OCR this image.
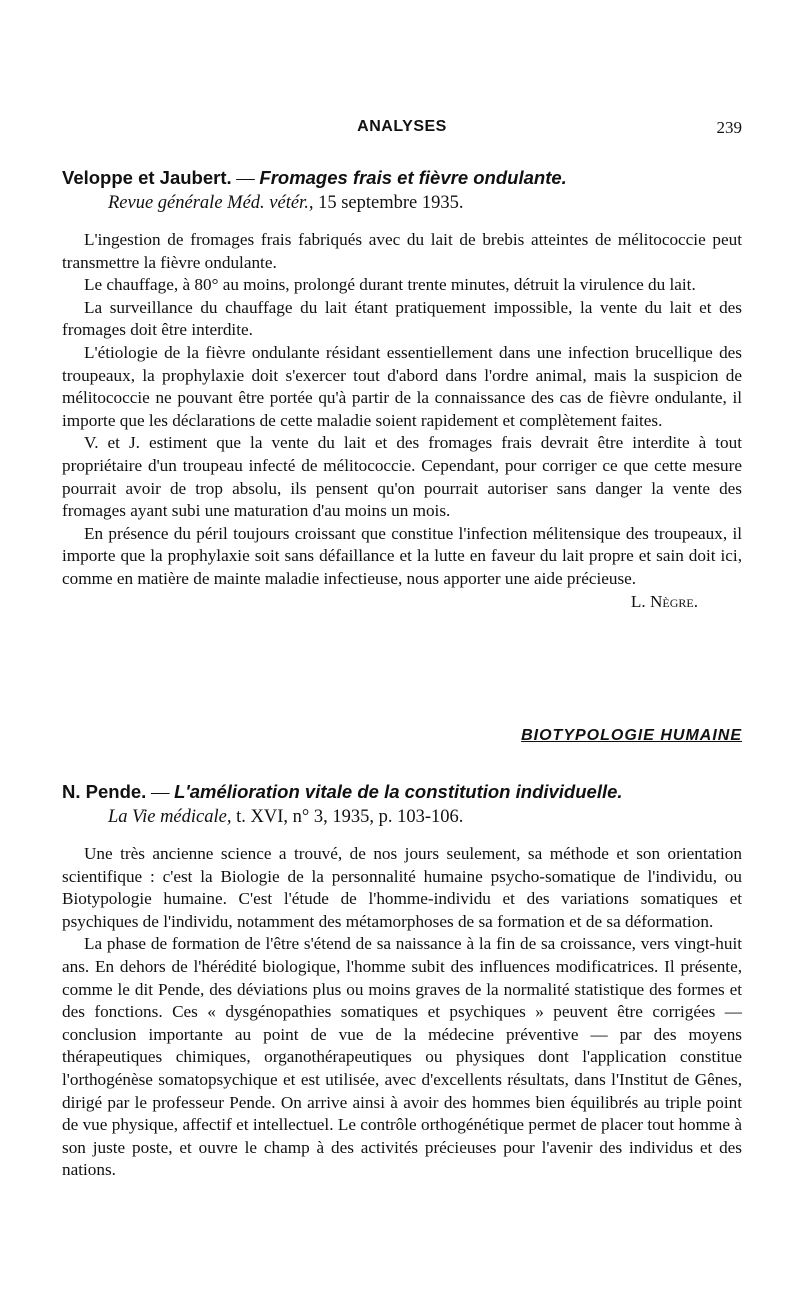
ANALYSES	239
Veloppe et Jaubert. — Fromages frais et fièvre ondulante.
Revue générale Méd. vétér., 15 septembre 1935.

L'ingestion de fromages frais fabriqués avec du lait de brebis atteintes de mélitococcie peut transmettre la fièvre ondulante.

Le chauffage, à 80° au moins, prolongé durant trente minutes, détruit la virulence du lait.

La surveillance du chauffage du lait étant pratiquement impossible, la vente du lait et des fromages doit être interdite.

L'étiologie de la fièvre ondulante résidant essentiellement dans une infection brucellique des troupeaux, la prophylaxie doit s'exercer tout d'abord dans l'ordre animal, mais la suspicion de mélitococcie ne pouvant être portée qu'à partir de la connaissance des cas de fièvre ondulante, il importe que les déclarations de cette maladie soient rapidement et complètement faites.

V. et J. estiment que la vente du lait et des fromages frais devrait être interdite à tout propriétaire d'un troupeau infecté de mélitococcie. Cependant, pour corriger ce que cette mesure pourrait avoir de trop absolu, ils pensent qu'on pourrait autoriser sans danger la vente des fromages ayant subi une maturation d'au moins un mois.

En présence du péril toujours croissant que constitue l'infection mélitensique des troupeaux, il importe que la prophylaxie soit sans défaillance et la lutte en faveur du lait propre et sain doit ici, comme en matière de mainte maladie infectieuse, nous apporter une aide précieuse.
L. Nègre.

BIOTYPOLOGIE HUMAINE
N. Pende. — L'amélioration vitale de la constitution individuelle.
La Vie médicale, t. XVI, n° 3, 1935, p. 103-106.

Une très ancienne science a trouvé, de nos jours seulement, sa méthode et son orientation scientifique : c'est la Biologie de la personnalité humaine psycho-somatique de l'individu, ou Biotypologie humaine. C'est l'étude de l'homme-individu et des variations somatiques et psychiques de l'individu, notamment des métamorphoses de sa formation et de sa déformation.

La phase de formation de l'être s'étend de sa naissance à la fin de sa croissance, vers vingt-huit ans. En dehors de l'hérédité biologique, l'homme subit des influences modificatrices. Il présente, comme le dit Pende, des déviations plus ou moins graves de la normalité statistique des formes et des fonctions. Ces « dysgénopathies somatiques et psychiques » peuvent être corrigées — conclusion importante au point de vue de la médecine préventive — par des moyens thérapeutiques chimiques, organothérapeutiques ou physiques dont l'application constitue l'orthogénèse somatopsychique et est utilisée, avec d'excellents résultats, dans l'Institut de Gênes, dirigé par le professeur Pende. On arrive ainsi à avoir des hommes bien équilibrés au triple point de vue physique, affectif et intellectuel. Le contrôle orthogénétique permet de placer tout homme à son juste poste, et ouvre le champ à des activités précieuses pour l'avenir des individus et des nations.
